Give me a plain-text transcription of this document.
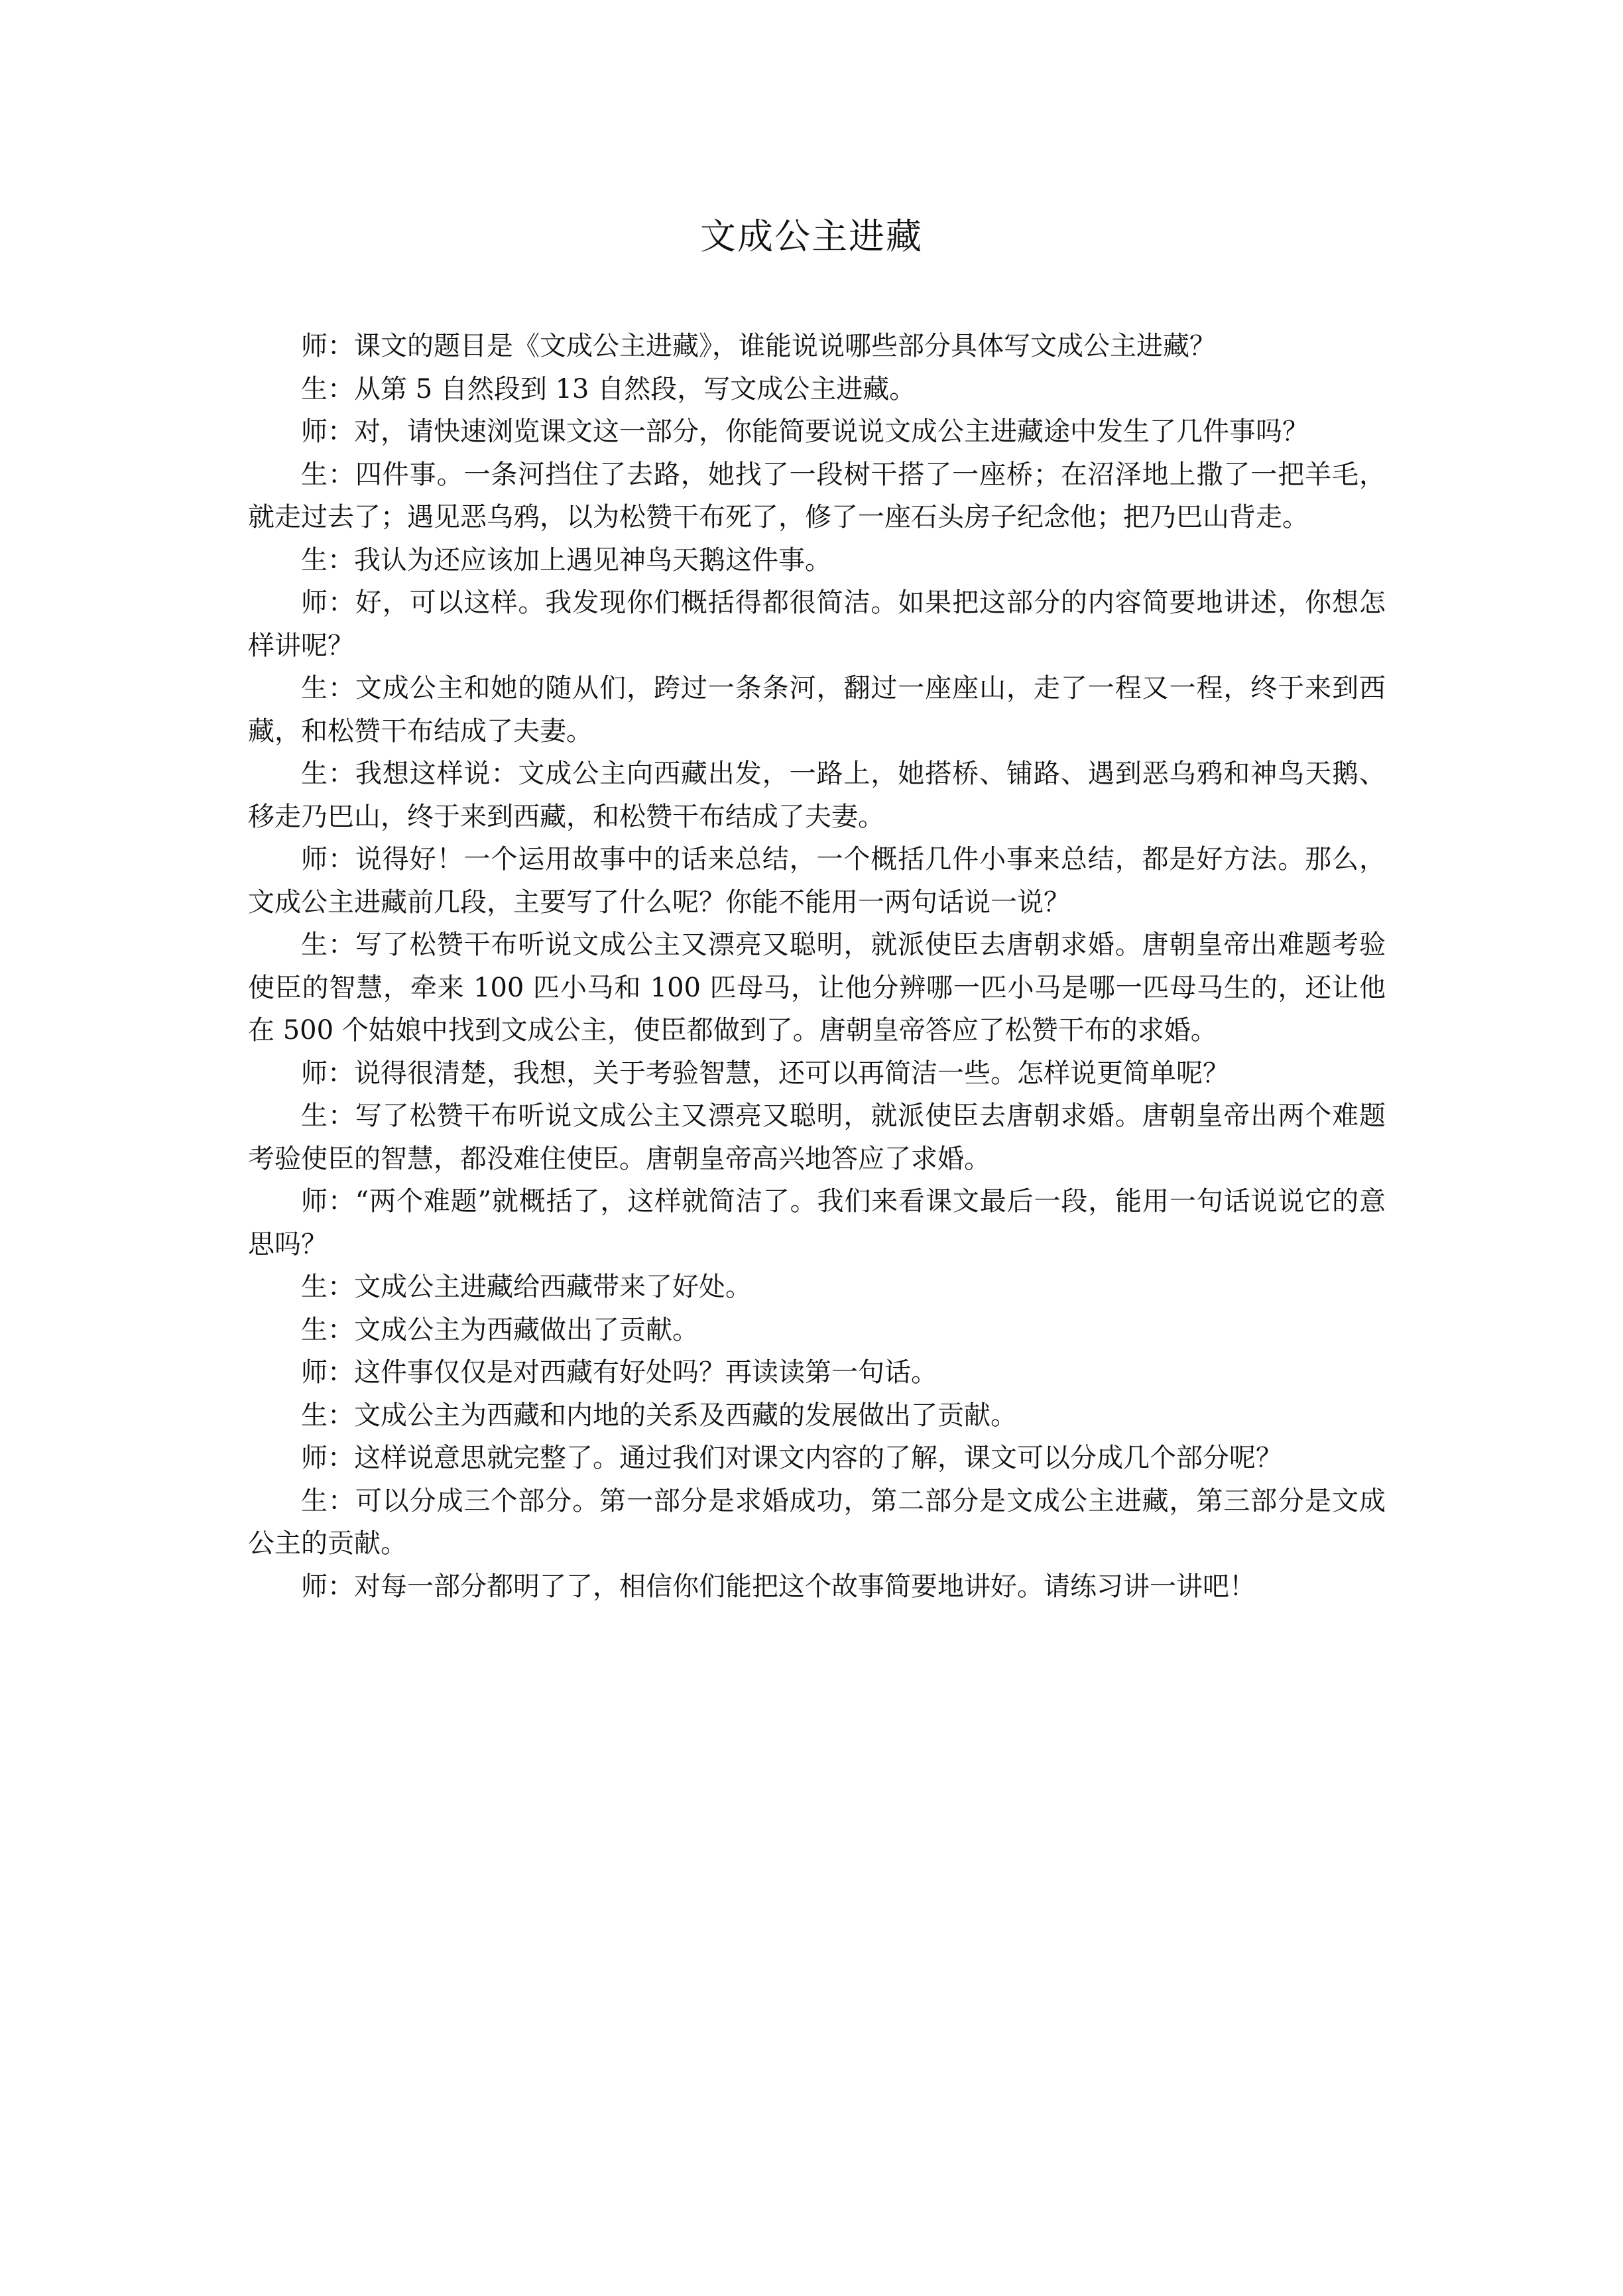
文成公主进藏

师：课文的题目是《文成公主进藏》，谁能说说哪些部分具体写文成公主进藏？

生：从第 5 自然段到 13 自然段，写文成公主进藏。

师：对，请快速浏览课文这一部分，你能简要说说文成公主进藏途中发生了几件事吗？

生：四件事。一条河挡住了去路，她找了一段树干搭了一座桥；在沼泽地上撒了一把羊毛，就走过去了；遇见恶乌鸦，以为松赞干布死了，修了一座石头房子纪念他；把乃巴山背走。

生：我认为还应该加上遇见神鸟天鹅这件事。

师：好，可以这样。我发现你们概括得都很简洁。如果把这部分的内容简要地讲述，你想怎样讲呢？

生：文成公主和她的随从们，跨过一条条河，翻过一座座山，走了一程又一程，终于来到西藏，和松赞干布结成了夫妻。

生：我想这样说：文成公主向西藏出发，一路上，她搭桥、铺路、遇到恶乌鸦和神鸟天鹅、移走乃巴山，终于来到西藏，和松赞干布结成了夫妻。

师：说得好！一个运用故事中的话来总结，一个概括几件小事来总结，都是好方法。那么，文成公主进藏前几段，主要写了什么呢？你能不能用一两句话说一说？

生：写了松赞干布听说文成公主又漂亮又聪明，就派使臣去唐朝求婚。唐朝皇帝出难题考验使臣的智慧，牵来 100 匹小马和 100 匹母马，让他分辨哪一匹小马是哪一匹母马生的，还让他在 500 个姑娘中找到文成公主，使臣都做到了。唐朝皇帝答应了松赞干布的求婚。

师：说得很清楚，我想，关于考验智慧，还可以再简洁一些。怎样说更简单呢？

生：写了松赞干布听说文成公主又漂亮又聪明，就派使臣去唐朝求婚。唐朝皇帝出两个难题考验使臣的智慧，都没难住使臣。唐朝皇帝高兴地答应了求婚。

师：“两个难题”就概括了，这样就简洁了。我们来看课文最后一段，能用一句话说说它的意思吗？

生：文成公主进藏给西藏带来了好处。

生：文成公主为西藏做出了贡献。

师：这件事仅仅是对西藏有好处吗？再读读第一句话。

生：文成公主为西藏和内地的关系及西藏的发展做出了贡献。

师：这样说意思就完整了。通过我们对课文内容的了解，课文可以分成几个部分呢？

生：可以分成三个部分。第一部分是求婚成功，第二部分是文成公主进藏，第三部分是文成公主的贡献。

师：对每一部分都明了了，相信你们能把这个故事简要地讲好。请练习讲一讲吧！
